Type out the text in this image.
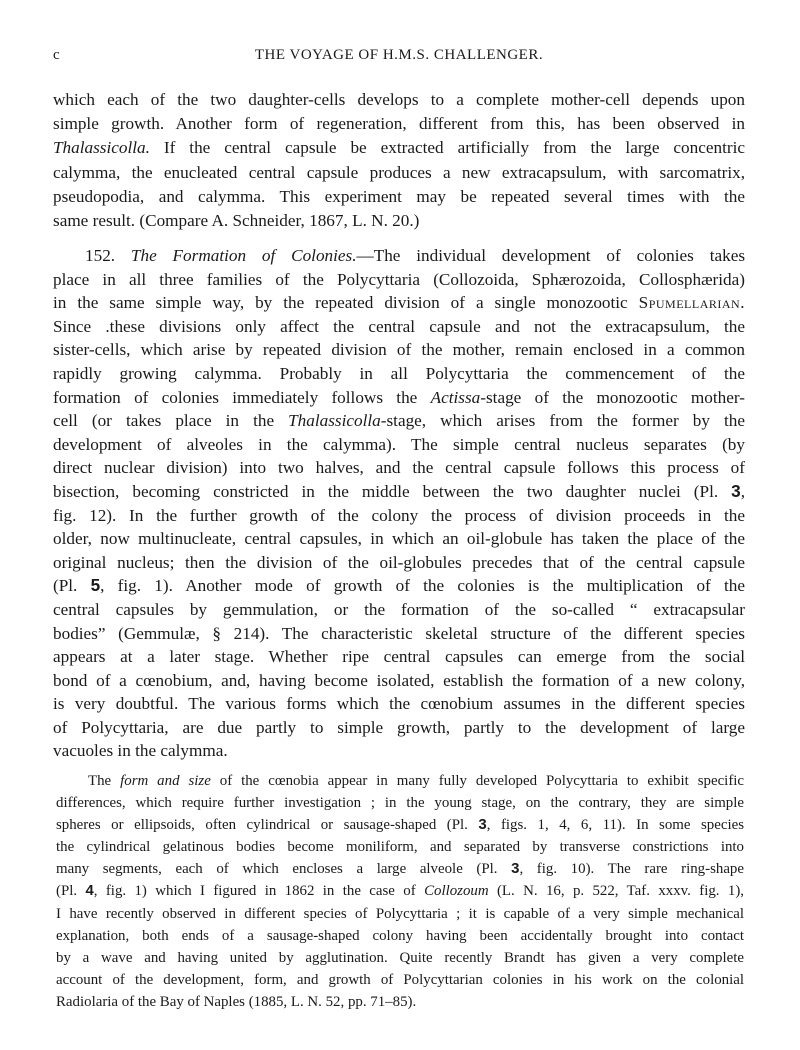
c	THE VOYAGE OF H.M.S. CHALLENGER.
which each of the two daughter-cells develops to a complete mother-cell depends upon
simple growth. Another form of regeneration, different from this, has been observed in
Thalassicolla. If the central capsule be extracted artificially from the large concentric
calymma, the enucleated central capsule produces a new extracapsulum, with sarcomatrix,
pseudopodia, and calymma. This experiment may be repeated several times with the
same result. (Compare A. Schneider, 1867, L. N. 20.)
152. The Formation of Colonies.—The individual development of colonies takes
place in all three families of the Polycyttaria (Collozoida, Sphærozoida, Collosphærida)
in the same simple way, by the repeated division of a single monozootic Spumellarian.
Since .these divisions only affect the central capsule and not the extracapsulum, the
sister-cells, which arise by repeated division of the mother, remain enclosed in a common
rapidly growing calymma. Probably in all Polycyttaria the commencement of the
formation of colonies immediately follows the Actissa-stage of the monozootic mother-
cell (or takes place in the Thalassicolla-stage, which arises from the former by the
development of alveoles in the calymma). The simple central nucleus separates (by
direct nuclear division) into two halves, and the central capsule follows this process of
bisection, becoming constricted in the middle between the two daughter nuclei (Pl. 3,
fig. 12). In the further growth of the colony the process of division proceeds in the
older, now multinucleate, central capsules, in which an oil-globule has taken the place of the
original nucleus; then the division of the oil-globules precedes that of the central capsule
(Pl. 5, fig. 1). Another mode of growth of the colonies is the multiplication of the
central capsules by gemmulation, or the formation of the so-called “ extracapsular
bodies” (Gemmulæ, § 214). The characteristic skeletal structure of the different species
appears at a later stage. Whether ripe central capsules can emerge from the social
bond of a cœnobium, and, having become isolated, establish the formation of a new colony,
is very doubtful. The various forms which the cœnobium assumes in the different species
of Polycyttaria, are due partly to simple growth, partly to the development of large
vacuoles in the calymma.
The form and size of the cœnobia appear in many fully developed Polycyttaria to exhibit specific
differences, which require further investigation ; in the young stage, on the contrary, they are simple
spheres or ellipsoids, often cylindrical or sausage-shaped (Pl. 3, figs. 1, 4, 6, 11). In some species
the cylindrical gelatinous bodies become moniliform, and separated by transverse constrictions into
many segments, each of which encloses a large alveole (Pl. 3, fig. 10). The rare ring-shape
(Pl. 4, fig. 1) which I figured in 1862 in the case of Collozoum (L. N. 16, p. 522, Taf. xxxv. fig. 1),
I have recently observed in different species of Polycyttaria ; it is capable of a very simple mechanical
explanation, both ends of a sausage-shaped colony having been accidentally brought into contact
by a wave and having united by agglutination. Quite recently Brandt has given a very complete
account of the development, form, and growth of Polycyttarian colonies in his work on the colonial
Radiolaria of the Bay of Naples (1885, L. N. 52, pp. 71–85).
